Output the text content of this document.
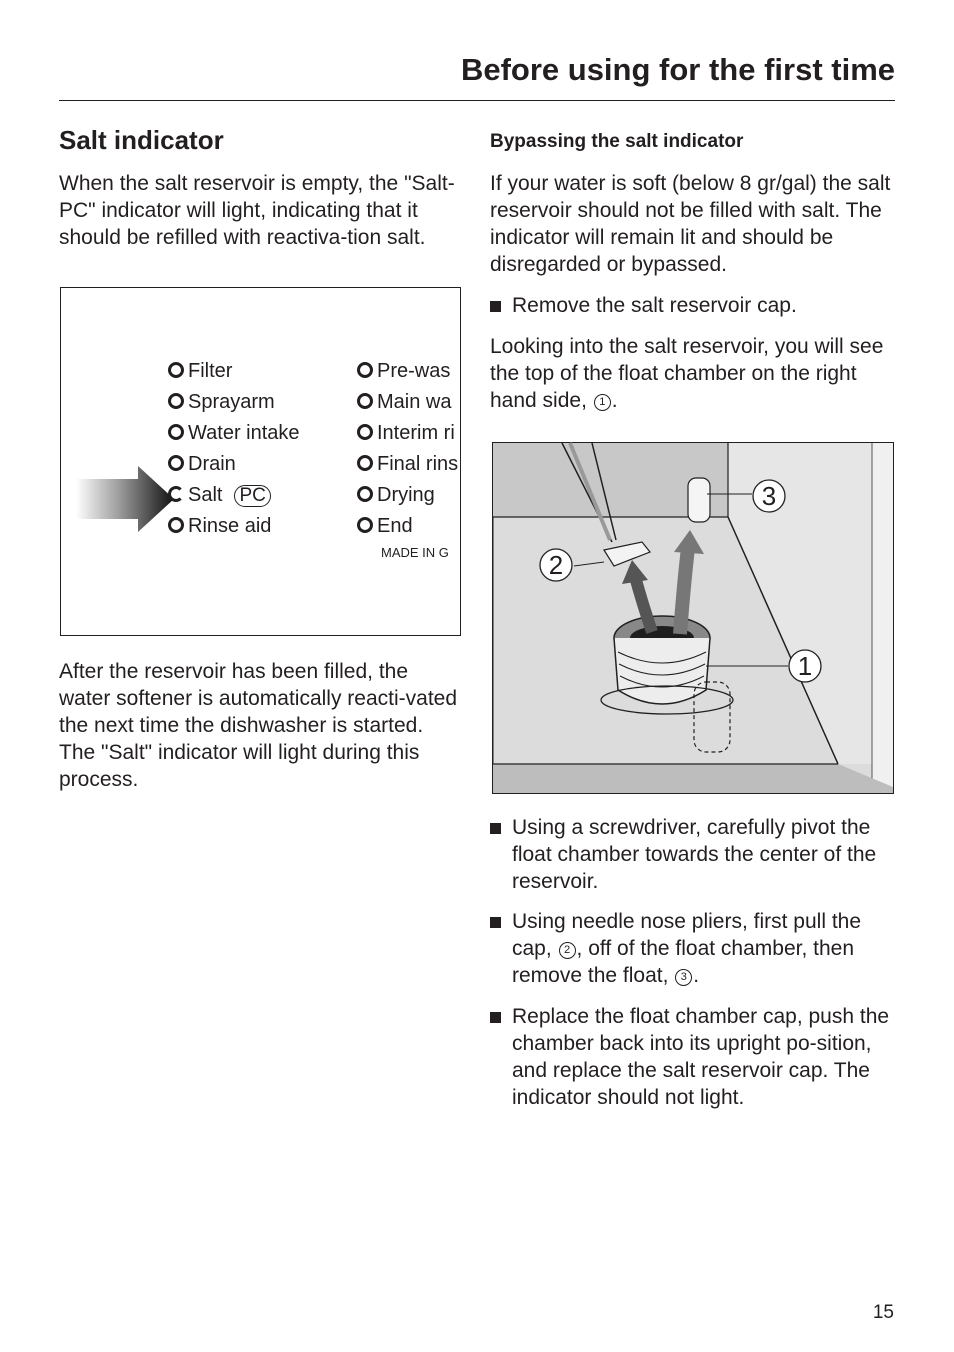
Before using for the first time
Salt indicator
When the salt reservoir is empty, the "Salt-PC" indicator will light, indicating that it should be refilled with reactiva-tion salt.
Filter
Sprayarm
Water intake
Drain
Salt PC
Rinse aid
Pre-was
Main wa
Interim ri
Final rins
Drying
End
MADE IN G
After the reservoir has been filled, the water softener is automatically reacti-vated the next time the dishwasher is started. The "Salt" indicator will light during this process.
Bypassing the salt indicator
If your water is soft (below 8 gr/gal) the salt reservoir should not be filled with salt. The indicator will remain lit and should be disregarded or bypassed.
Remove the salt reservoir cap.
Looking into the salt reservoir, you will see the top of the float chamber on the right hand side, 1 .
3
2
1
Using a screwdriver, carefully pivot the float chamber towards the center of the reservoir.
Using needle nose pliers, first pull the cap, 2 , off of the float chamber, then remove the float, 3 .
Replace the float chamber cap, push the chamber back into its upright po-sition, and replace the salt reservoir cap. The indicator should not light.
15
